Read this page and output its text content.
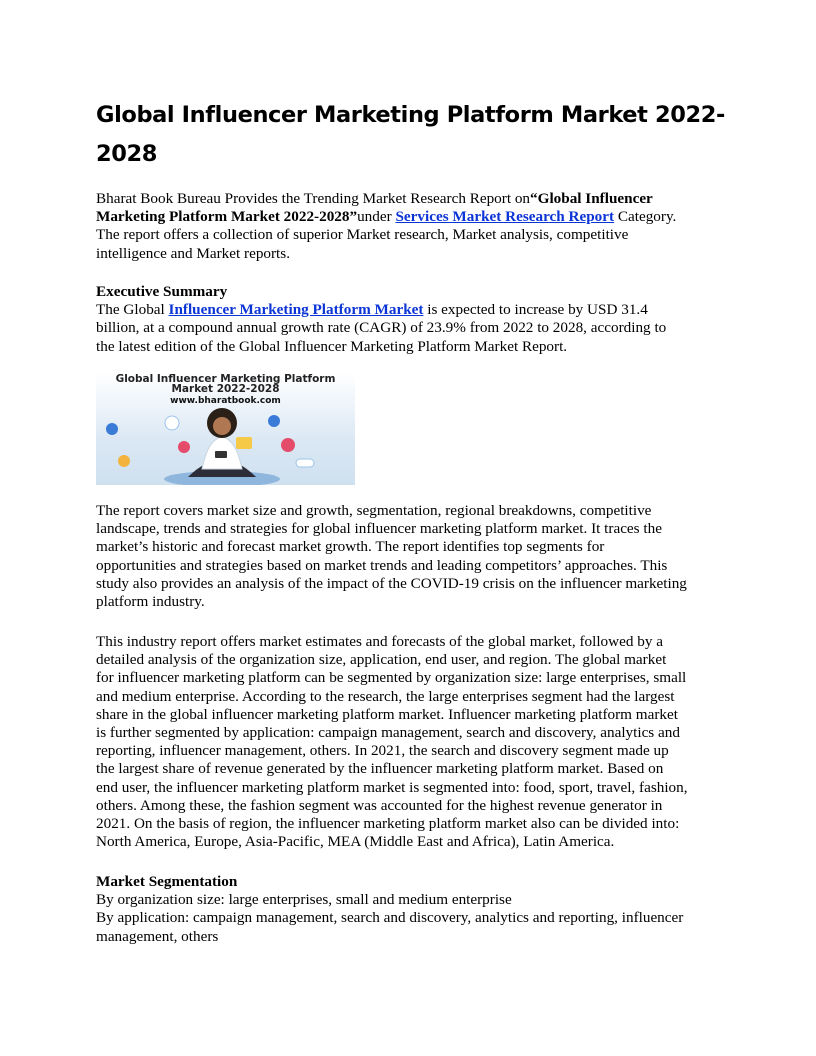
Global Influencer Marketing Platform Market 2022-
2028

Bharat Book Bureau Provides the Trending Market Research Report on“Global Influencer
Marketing Platform Market 2022-2028”under Services Market Research Report Category.
The report offers a collection of superior Market research, Market analysis, competitive
intelligence and Market reports.

Executive Summary
The Global Influencer Marketing Platform Market is expected to increase by USD 31.4
billion, at a compound annual growth rate (CAGR) of 23.9% from 2022 to 2028, according to
the latest edition of the Global Influencer Marketing Platform Market Report.

Global Influencer Marketing Platform
Market 2022-2028
www.bharatbook.com

The report covers market size and growth, segmentation, regional breakdowns, competitive
landscape, trends and strategies for global influencer marketing platform market. It traces the
market’s historic and forecast market growth. The report identifies top segments for
opportunities and strategies based on market trends and leading competitors’ approaches. This
study also provides an analysis of the impact of the COVID-19 crisis on the influencer marketing
platform industry.

This industry report offers market estimates and forecasts of the global market, followed by a
detailed analysis of the organization size, application, end user, and region. The global market
for influencer marketing platform can be segmented by organization size: large enterprises, small
and medium enterprise. According to the research, the large enterprises segment had the largest
share in the global influencer marketing platform market. Influencer marketing platform market
is further segmented by application: campaign management, search and discovery, analytics and
reporting, influencer management, others. In 2021, the search and discovery segment made up
the largest share of revenue generated by the influencer marketing platform market. Based on
end user, the influencer marketing platform market is segmented into: food, sport, travel, fashion,
others. Among these, the fashion segment was accounted for the highest revenue generator in
2021. On the basis of region, the influencer marketing platform market also can be divided into:
North America, Europe, Asia-Pacific, MEA (Middle East and Africa), Latin America.

Market Segmentation
By organization size: large enterprises, small and medium enterprise
By application: campaign management, search and discovery, analytics and reporting, influencer
management, others
